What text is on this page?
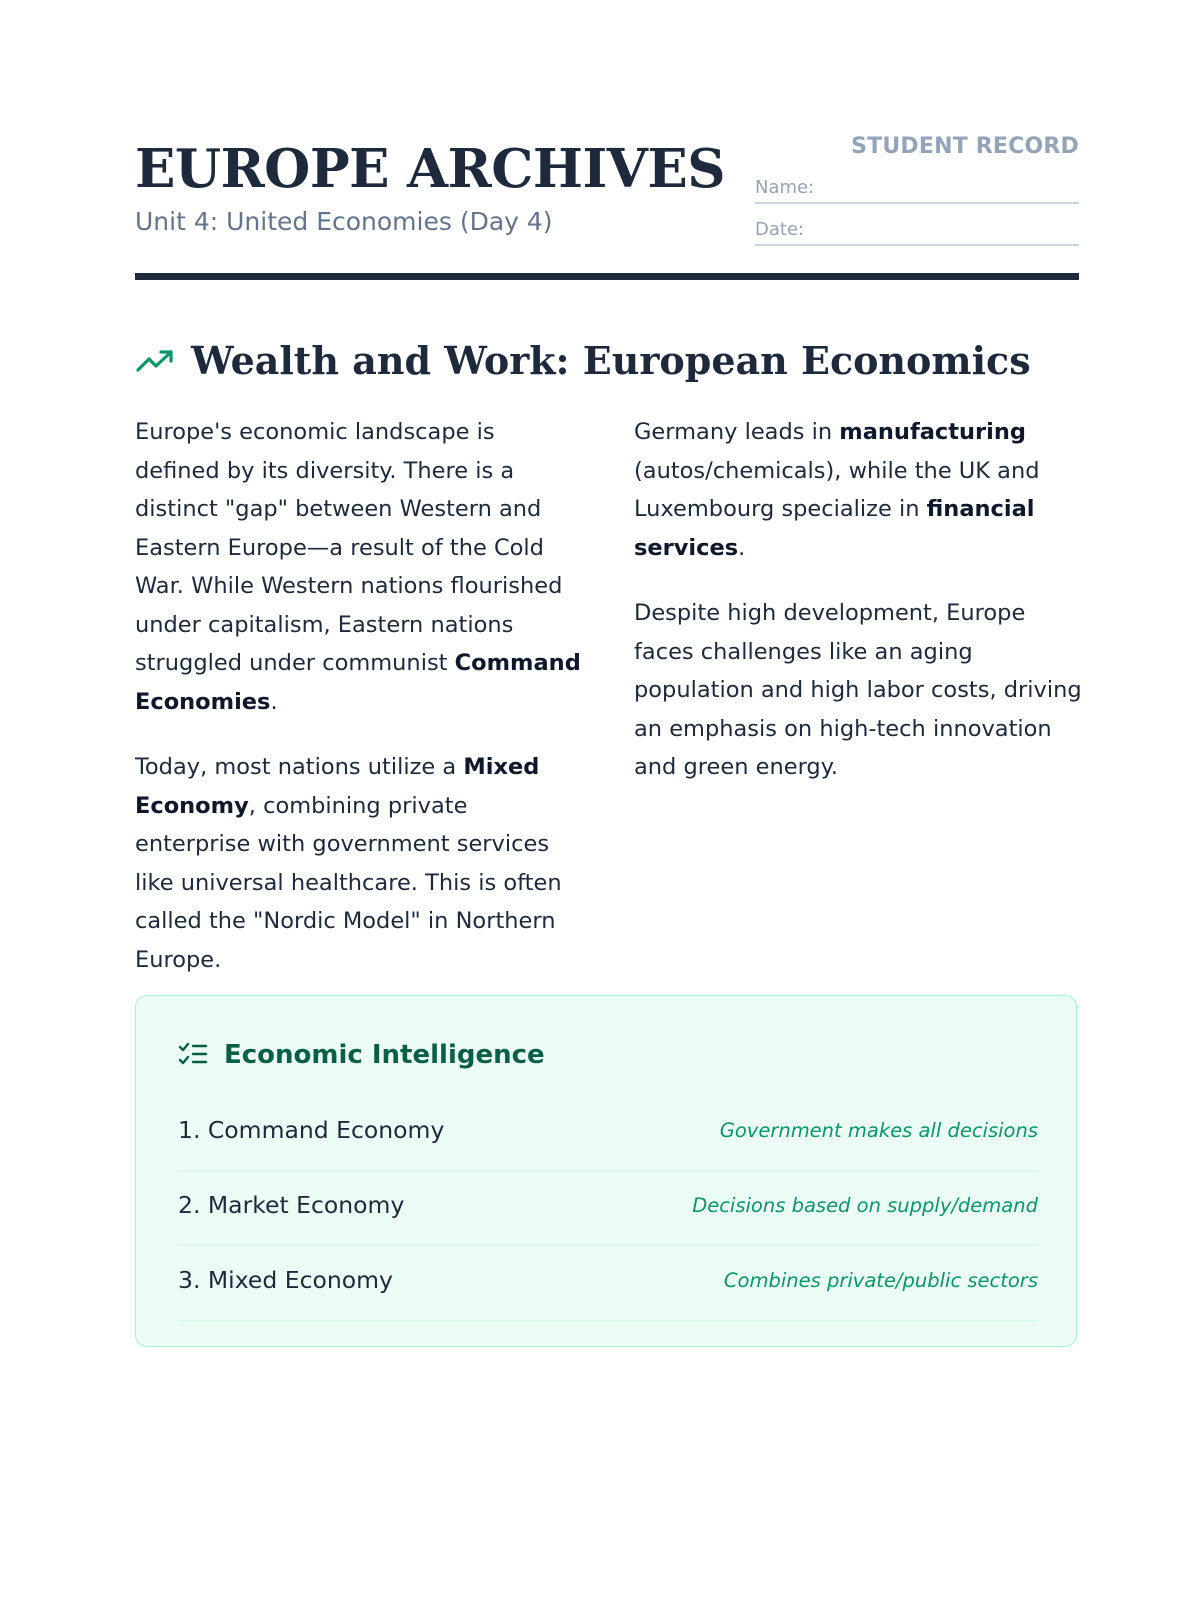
EUROPE ARCHIVES
Unit 4: United Economies (Day 4)
STUDENT RECORD
Name:
Date:
Wealth and Work: European Economics

Europe's economic landscape is defined by its diversity. There is a distinct "gap" between Western and Eastern Europe—a result of the Cold War. While Western nations flourished under capitalism, Eastern nations struggled under communist Command Economies.

Today, most nations utilize a Mixed Economy, combining private enterprise with government services like universal healthcare. This is often called the "Nordic Model" in Northern Europe.

Germany leads in manufacturing (autos/chemicals), while the UK and Luxembourg specialize in financial services.

Despite high development, Europe faces challenges like an aging population and high labor costs, driving an emphasis on high-tech innovation and green energy.

Economic Intelligence
1. Command Economy	Government makes all decisions
2. Market Economy	Decisions based on supply/demand
3. Mixed Economy	Combines private/public sectors
